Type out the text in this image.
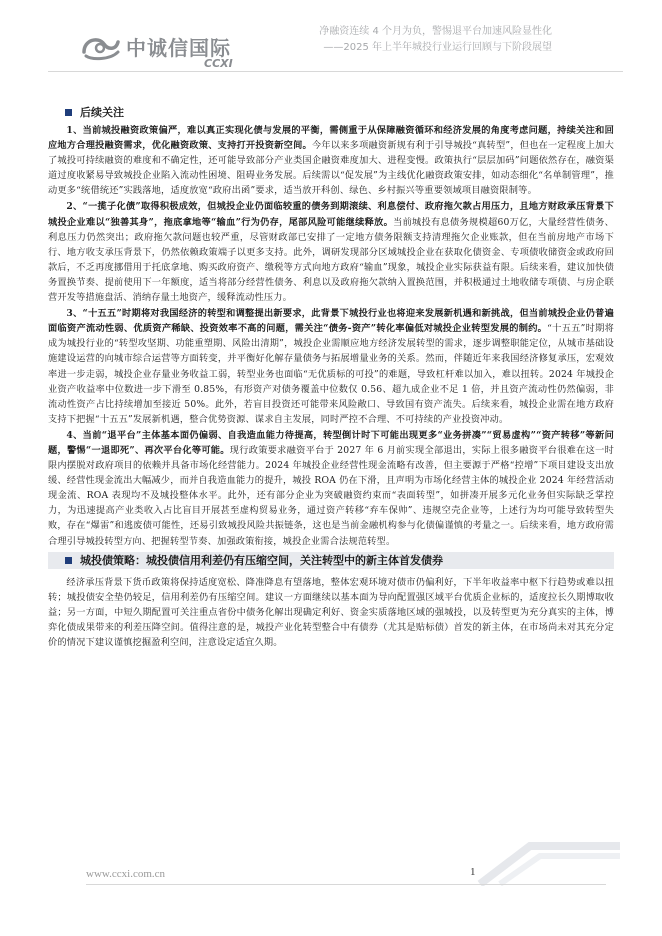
中诚信国际
CCXI
净融资连续 4 个月为负，警惕退平台加速风险显性化
——2025 年上半年城投行业运行回顾与下阶段展望
后续关注

1、当前城投融资政策偏严，难以真正实现化债与发展的平衡，需侧重于从保障融资循环和经济发展的角度考虑问题，持续关注和回应地方合理投融资需求，优化融资政策、支持打开投资新空间。今年以来多项融资新规有利于引导城投“真转型”，但也在一定程度上加大了城投可持续融资的难度和不确定性，还可能导致部分产业类国企融资难度加大、进程变慢。政策执行“层层加码”问题依然存在，融资渠道过度收紧易导致城投企业陷入流动性困境、阻碍业务发展。后续需以“促发展”为主线优化融资政策安排，如动态细化“名单制管理”，推动更多“统借统还”实践落地，适度放宽“政府出函”要求，适当放开科创、绿色、乡村振兴等重要领域项目融资限制等。

2、“一揽子化债”取得积极成效，但城投企业仍面临较重的债务到期滚续、利息偿付、政府拖欠款占用压力，且地方财政承压背景下城投企业难以“独善其身”，拖底拿地等“输血”行为仍存，尾部风险可能继续释放。当前城投有息债务规模超60万亿，大量经营性债务、利息压力仍然突出；政府拖欠款问题也较严重，尽管财政部已安排了一定地方债务限额支持清理拖欠企业账款，但在当前房地产市场下行、地方收支承压背景下，仍然依赖政策端子以更多支持。此外，调研发现部分区域城投企业在获取化债资金、专项债收储资金或政府回款后，不乏再度挪借用于托底拿地、购买政府资产、缴税等方式向地方政府“输血”现象，城投企业实际获益有限。后续来看，建议加快债务置换节奏、提前使用下一年额度，适当将部分经营性债务、利息以及政府拖欠款纳入置换范围，并积极通过土地收储专项债、与房企联营开发等措施盘活、消纳存量土地资产，缓释流动性压力。

3、“十五五”时期将对我国经济的转型和调整提出新要求，此背景下城投行业也将迎来发展新机遇和新挑战，但当前城投企业仍普遍面临资产流动性弱、优质资产稀缺、投资效率不高的问题，需关注“债务-资产”转化率偏低对城投企业转型发展的制约。“十五五”时期将成为城投行业的“转型攻坚期、功能重塑期、风险出清期”，城投企业需顺应地方经济发展转型的需求，逐步调整职能定位，从城市基础设施建设运营的向城市综合运营等方面转变，并平衡好化解存量债务与拓展增量业务的关系。然而，伴随近年来我国经济修复承压，宏观效率进一步走弱，城投企业存量业务收益工弱，转型业务也面临“无优质标的可投”的难题，导致杠杆难以加入，难以扭转。2024 年城投企业资产收益率中位数进一步下滑至 0.85%，有形资产对债务覆盖中位数仅 0.56、超九成企业不足 1 倍，并且资产流动性仍然偏弱，非流动性资产占比持续增加至接近 50%。此外，若盲目投资还可能带来风险敞口、导致国有资产流失。后续来看，城投企业需在地方政府支持下把握“十五五”发展新机遇，整合优势资源、谋求自主发展，同时严控不合理、不可持续的产业投资冲动。

4、当前“退平台”主体基本面仍偏弱、自我造血能力待提高，转型倒计时下可能出现更多“业务拼凑”“贸易虚构”“资产转移”等新问题，警惕“一退即死”、再次平台化等可能。现行政策要求融资平台于 2027 年 6 月前实现全部退出，实际上很多融资平台很难在这一时限内摆脱对政府项目的依赖并具备市场化经营能力。2024 年城投企业经营性现金流略有改善，但主要源于严格“控增”下项目建设支出放缓、经营性现金流出大幅减少，而并自我造血能力的提升，城投 ROA 仍在下滑，且声明为市场化经营主体的城投企业 2024 年经营活动现金流、ROA 表现均不及城投整体水平。此外，还有部分企业为突破融资约束而“表面转型”，如拼凑开展多元化业务但实际缺乏掌控力，为迅速提高产业类收入占比盲目开展甚至虚构贸易业务，通过资产转移“弃车保帅”、违规空壳企业等，上述行为均可能导致转型失败，存在“爆雷”和逃废债可能性，还易引致城投风险共振链条，这也是当前金融机构参与化债偏谨慎的考量之一。后续来看，地方政府需合理引导城投转型方向、把握转型节奏、加强政策衔接，城投企业需合法规范转型。

城投债策略：城投债信用利差仍有压缩空间，关注转型中的新主体首发债券

经济承压背景下货币政策将保持适度宽松、降准降息有望落地，整体宏观环境对债市仍偏利好，下半年收益率中枢下行趋势或难以扭转；城投债安全垫仍较足，信用利差仍有压缩空间。建议一方面继续以基本面为导向配置强区域平台优质企业标的，适度拉长久期博取收益；另一方面，中短久期配置可关注重点省份中债务化解出现确定利好、资金实质落地区域的强城投，以及转型更为充分真实的主体，博弈化债成果带来的利差压降空间。值得注意的是，城投产业化转型整合中有债券（尤其是贴标债）首发的新主体，在市场尚未对其充分定价的情况下建议谨慎挖掘盈利空间，注意设定适宜久期。

www.ccxi.com.cn	1
